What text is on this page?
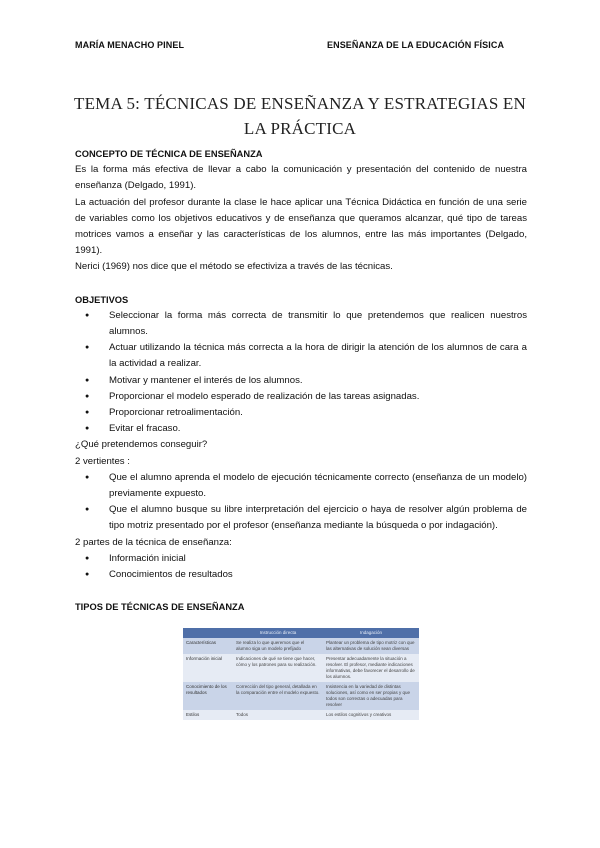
MARÍA MENACHO PINEL	ENSEÑANZA DE LA EDUCACIÓN FÍSICA
TEMA 5: TÉCNICAS DE ENSEÑANZA Y ESTRATEGIAS EN LA PRÁCTICA

CONCEPTO DE TÉCNICA DE ENSEÑANZA

Es la forma más efectiva de llevar a cabo la comunicación y presentación del contenido de nuestra enseñanza (Delgado, 1991).

La actuación del profesor durante la clase le hace aplicar una Técnica Didáctica en función de una serie de variables como los objetivos educativos y de enseñanza que queramos alcanzar, qué tipo de tareas motrices vamos a enseñar y las características de los alumnos, entre las más importantes (Delgado, 1991).

Nerici (1969) nos dice que el método se efectiviza a través de las técnicas.

OBJETIVOS

● Seleccionar la forma más correcta de transmitir lo que pretendemos que realicen nuestros alumnos.
● Actuar utilizando la técnica más correcta a la hora de dirigir la atención de los alumnos de cara a la actividad a realizar.
● Motivar y mantener el interés de los alumnos.
● Proporcionar el modelo esperado de realización de las tareas asignadas.
● Proporcionar retroalimentación.
● Evitar el fracaso.

¿Qué pretendemos conseguir?

2 vertientes :

● Que el alumno aprenda el modelo de ejecución técnicamente correcto (enseñanza de un modelo) previamente expuesto.
● Que el alumno busque su libre interpretación del ejercicio o haya de resolver algún problema de tipo motriz presentado por el profesor (enseñanza mediante la búsqueda o por indagación).

2 partes de la técnica de enseñanza:

● Información inicial
● Conocimientos de resultados

TIPOS DE TÉCNICAS DE ENSEÑANZA

	Instrucción directa	Indagación
Características	Se realiza lo que queremos que el alumno siga un modelo prefijado	Plantear un problema de tipo motriz con que las alternativas de solución sean diversas
Información inicial	Indicaciones de qué se tiene que hacer, cómo y los patrones para su realización.	Presentar adecuadamente la situación a resolver. El profesor, mediante indicaciones informativas, debe favorecer el desarrollo de los alumnos.
Conocimiento de los resultados	Corrección del tipo general, detallada en la comparación entre el modelo expuesto.	Insistencia en la variedad de distintas soluciones, así como en ser propias y que todos son correctas o adecuadas para resolver
Estilos	Todos	Los estilos cognitivos y creativos
